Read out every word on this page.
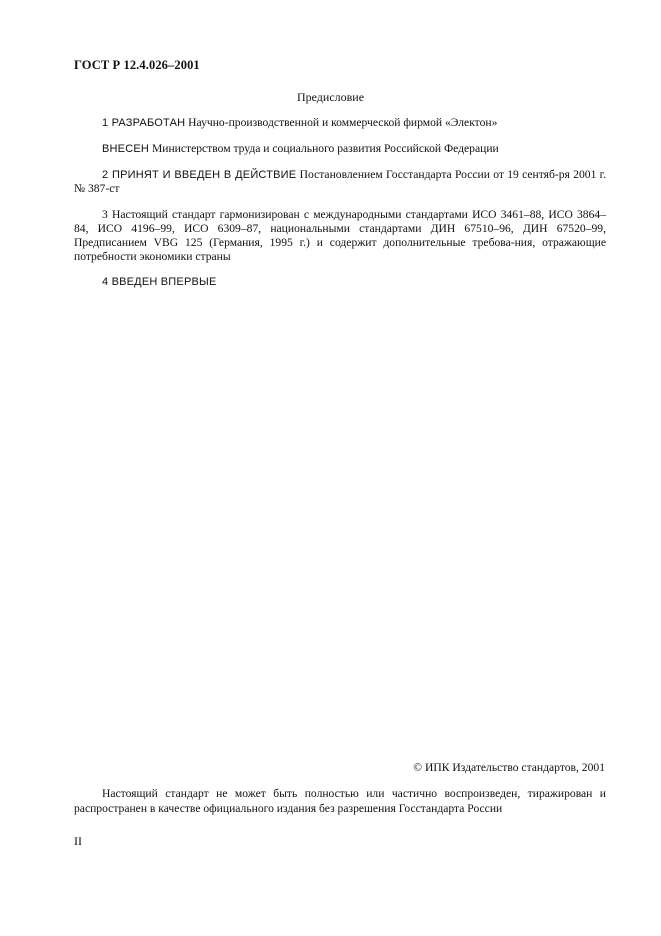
ГОСТ Р 12.4.026–2001
Предисловие
1 РАЗРАБОТАН Научно-производственной и коммерческой фирмой «Электон»
ВНЕСЕН Министерством труда и социального развития Российской Федерации
2 ПРИНЯТ И ВВЕДЕН В ДЕЙСТВИЕ Постановлением Госстандарта России от 19 сентяб-ря 2001 г. № 387-ст
3 Настоящий стандарт гармонизирован с международными стандартами ИСО 3461–88, ИСО 3864–84, ИСО 4196–99, ИСО 6309–87, национальными стандартами ДИН 67510–96, ДИН 67520–99, Предписанием VBG 125 (Германия, 1995 г.) и содержит дополнительные требова-ния, отражающие потребности экономики страны
4 ВВЕДЕН ВПЕРВЫЕ
© ИПК Издательство стандартов, 2001
Настоящий стандарт не может быть полностью или частично воспроизведен, тиражирован и распространен в качестве официального издания без разрешения Госстандарта России
II
